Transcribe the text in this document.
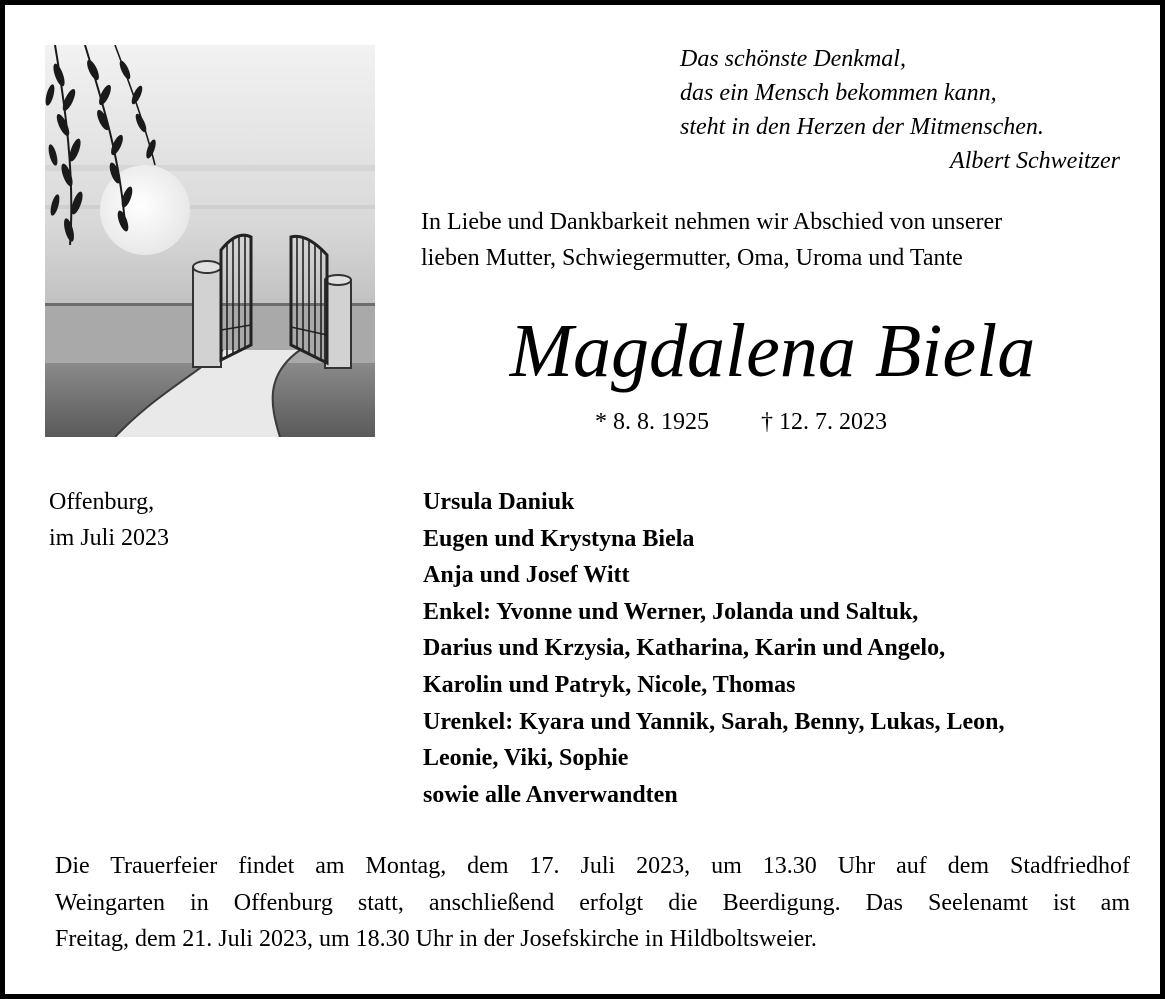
Das schönste Denkmal,
das ein Mensch bekommen kann,
steht in den Herzen der Mitmenschen.
Albert Schweitzer
In Liebe und Dankbarkeit nehmen wir Abschied von unserer
lieben Mutter, Schwiegermutter, Oma, Uroma und Tante
Magdalena Biela
* 8. 8. 1925 † 12. 7. 2023
Offenburg,
im Juli 2023
Ursula Daniuk
Eugen und Krystyna Biela
Anja und Josef Witt
Enkel: Yvonne und Werner, Jolanda und Saltuk,
Darius und Krzysia, Katharina, Karin und Angelo,
Karolin und Patryk, Nicole, Thomas
Urenkel: Kyara und Yannik, Sarah, Benny, Lukas, Leon,
Leonie, Viki, Sophie
sowie alle Anverwandten
Die Trauerfeier findet am Montag, dem 17. Juli 2023, um 13.30 Uhr auf dem Stadfriedhof
Weingarten in Offenburg statt, anschließend erfolgt die Beerdigung. Das Seelenamt ist am
Freitag, dem 21. Juli 2023, um 18.30 Uhr in der Josefskirche in Hildboltsweier.
